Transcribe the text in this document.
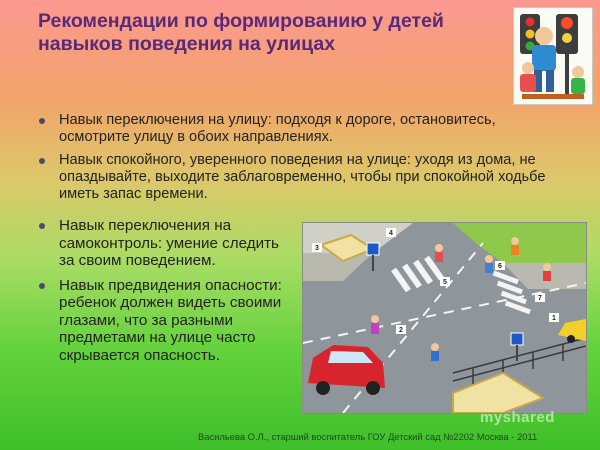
Рекомендации по формированию у детей навыков поведения на улицах
Навык переключения на улицу: подходя к дороге, остановитесь, осмотрите улицу в обоих направлениях.
Навык спокойного, уверенного поведения на улице: уходя из дома, не опаздывайте, выходите заблаговременно, чтобы при спокойной ходьбе иметь запас времени.
Навык переключения на самоконтроль: умение следить за своим поведением.
Навык предвидения опасности: ребенок должен видеть своими глазами, что за разными предметами на улице часто скрывается опасность.
3
4
5
6
7
2
1
myshared
Васильева О.Л., старший воспитатель ГОУ Детский сад №2202 Москва - 2011
